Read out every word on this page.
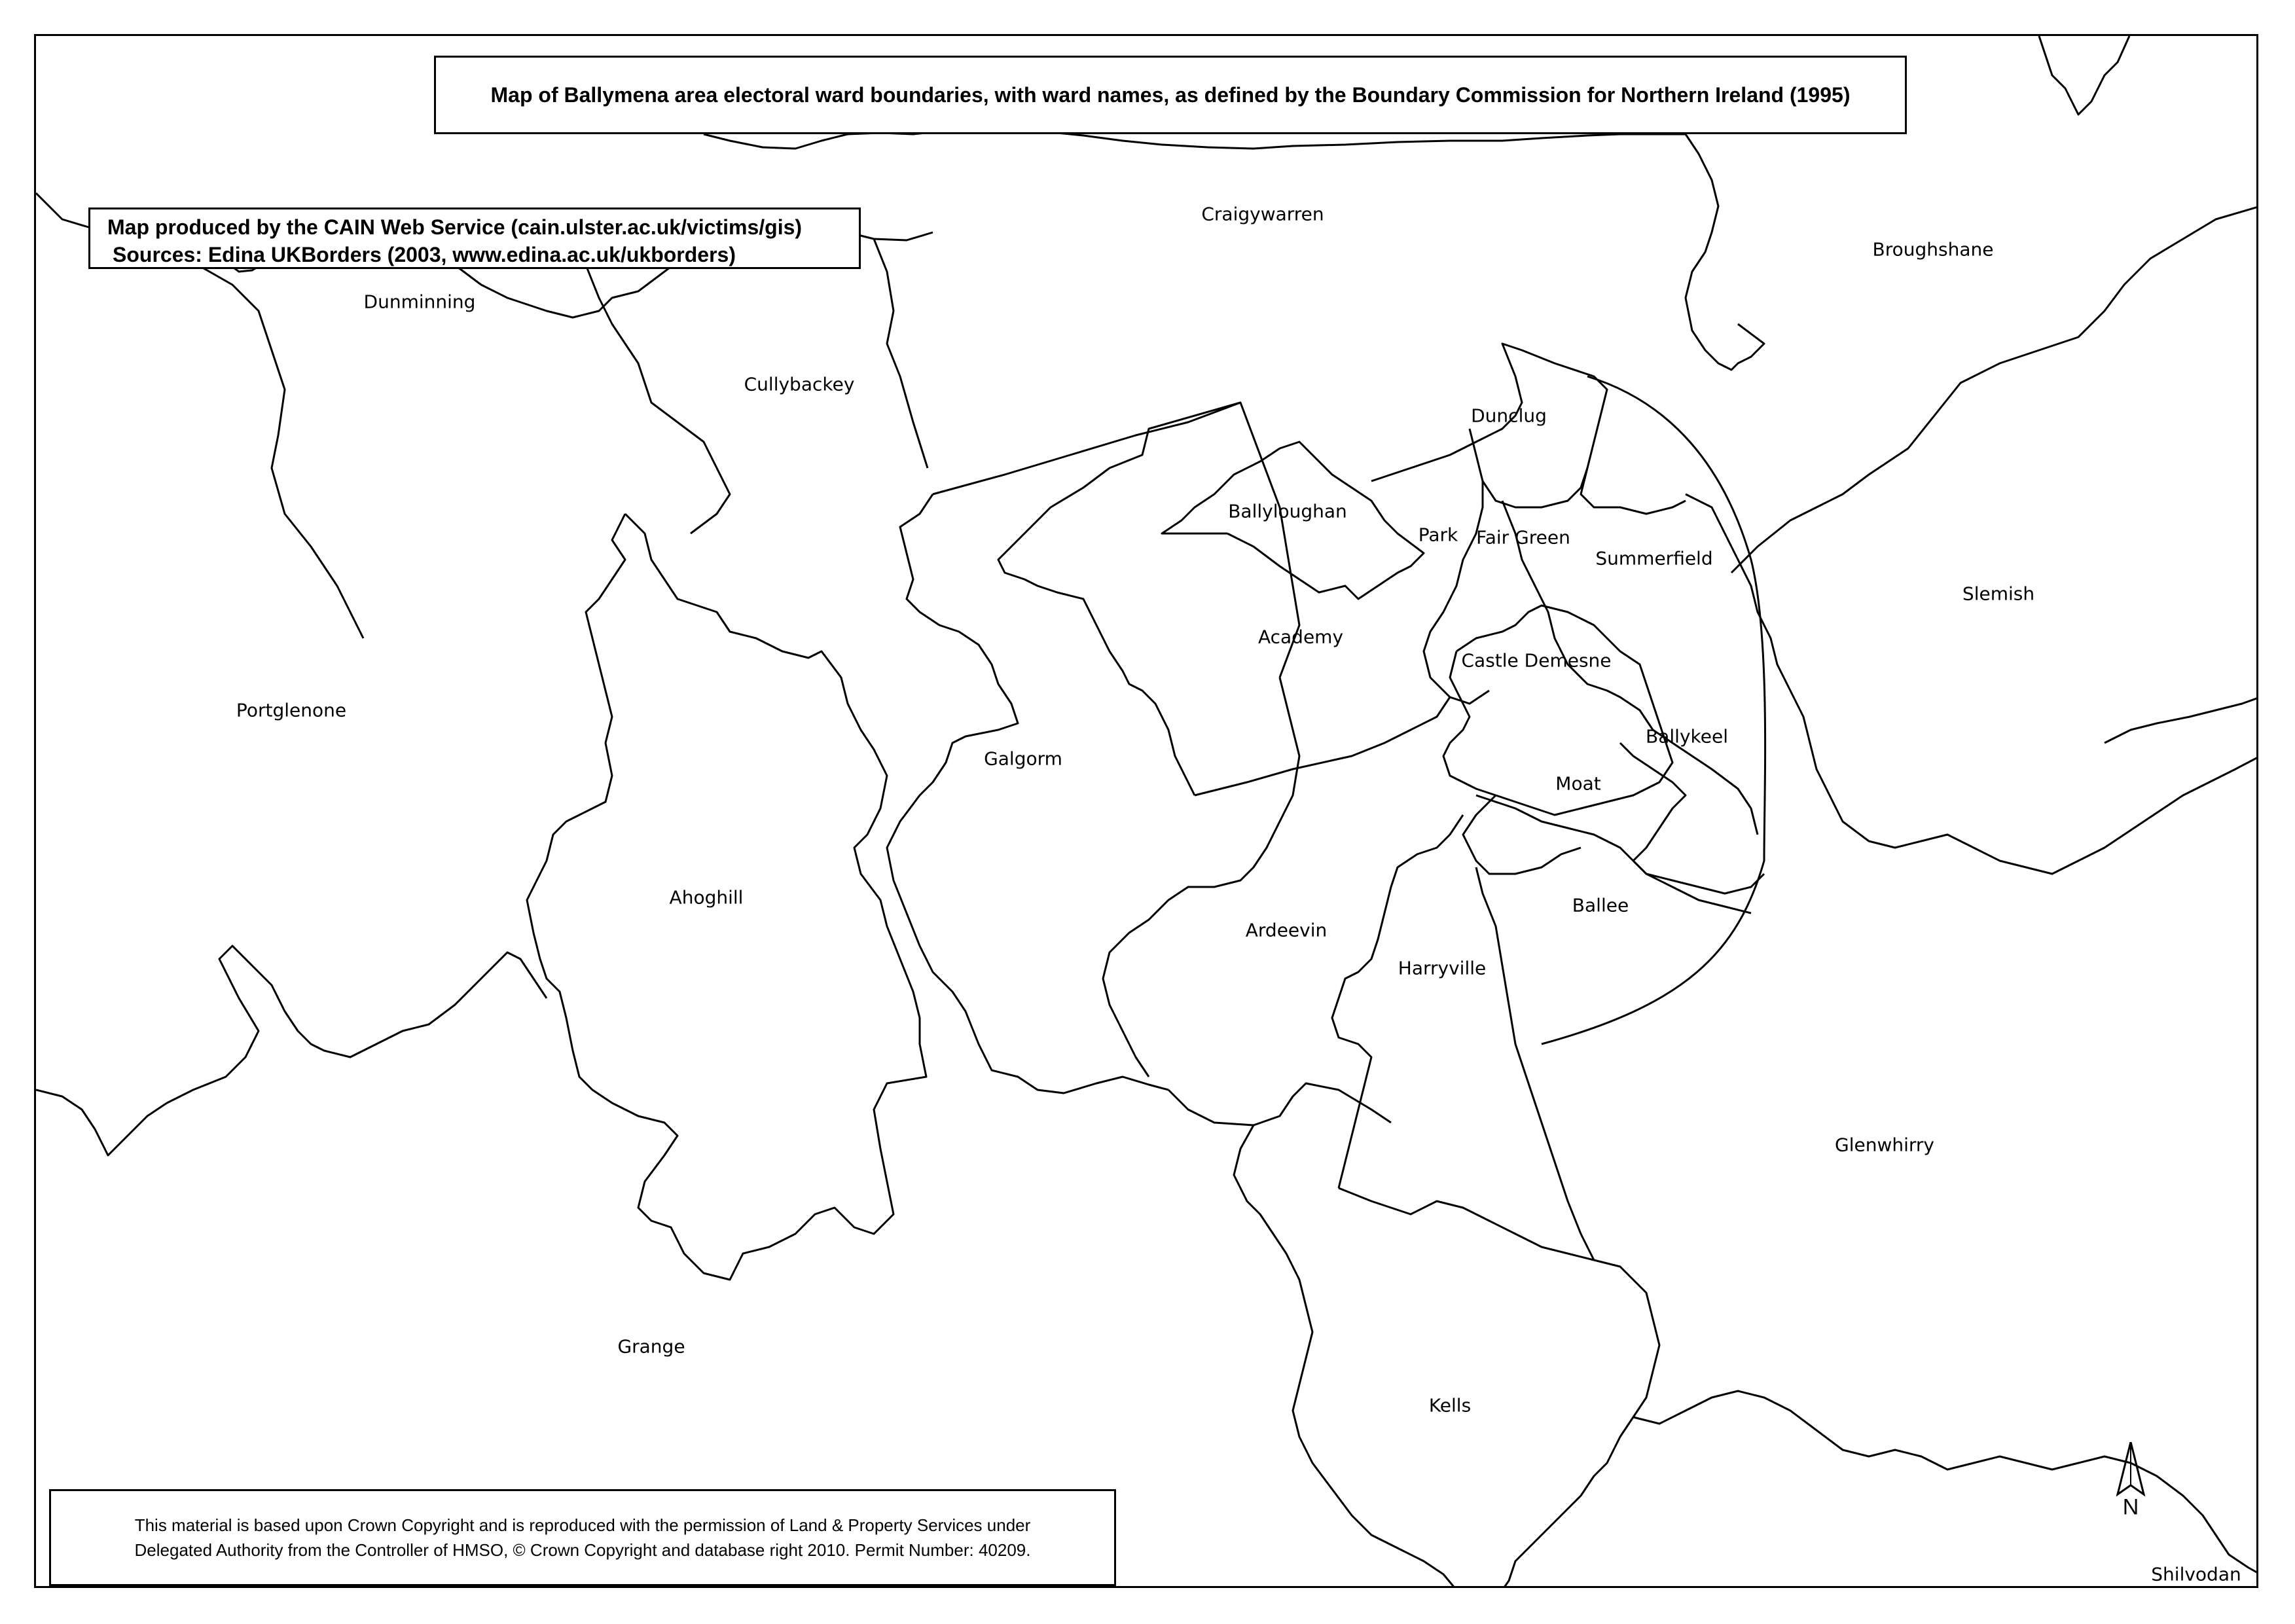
Craigywarren
Broughshane
Dunminning
Cullybackey
Dunclug
Ballyloughan
Park Fair Green
Summerfield
Slemish
Academy
Castle Demesne
Portglenone
Ballykeel
Galgorm
Moat
Ahoghill	Ballee
Ardeevin
Harryville
Glenwhirry
Grange
Kells
Shilvodan
Map of Ballymena area electoral ward boundaries, with ward names, as defined by the Boundary Commission for Northern Ireland (1995)
Map produced by the CAIN Web Service (cain.ulster.ac.uk/victims/gis)
Sources: Edina UKBorders (2003, www.edina.ac.uk/ukborders)
This material is based upon Crown Copyright and is reproduced with the permission of Land & Property Services under
Delegated Authority from the Controller of HMSO, © Crown Copyright and database right 2010. Permit Number: 40209.
N
